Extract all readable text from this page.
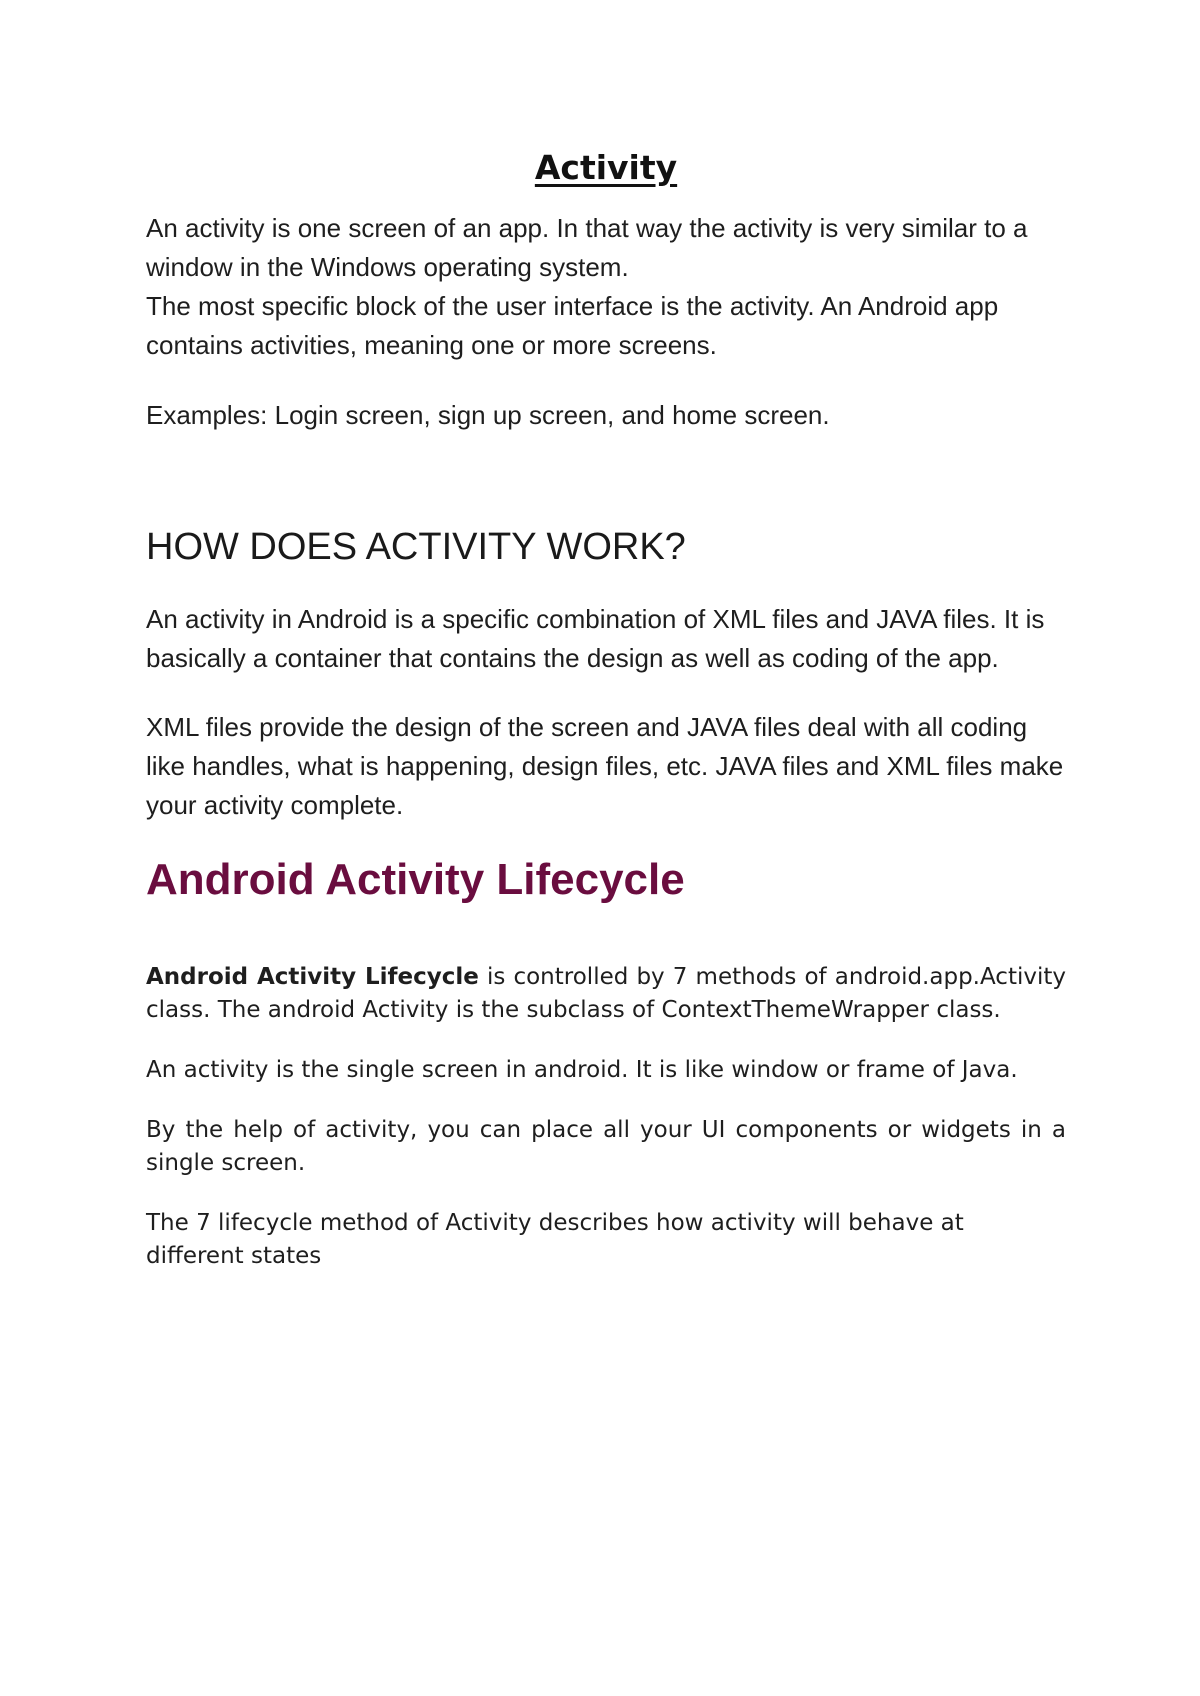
Activity

An activity is one screen of an app. In that way the activity is very similar to a window in the Windows operating system.

The most specific block of the user interface is the activity. An Android app contains activities, meaning one or more screens.

Examples: Login screen, sign up screen, and home screen.

HOW DOES ACTIVITY WORK?

An activity in Android is a specific combination of XML files and JAVA files. It is basically a container that contains the design as well as coding of the app.

XML files provide the design of the screen and JAVA files deal with all coding like handles, what is happening, design files, etc. JAVA files and XML files make your activity complete.

Android Activity Lifecycle

Android Activity Lifecycle is controlled by 7 methods of android.app.Activity class. The android Activity is the subclass of ContextThemeWrapper class.

An activity is the single screen in android. It is like window or frame of Java.

By the help of activity, you can place all your UI components or widgets in a single screen.

The 7 lifecycle method of Activity describes how activity will behave at different states
